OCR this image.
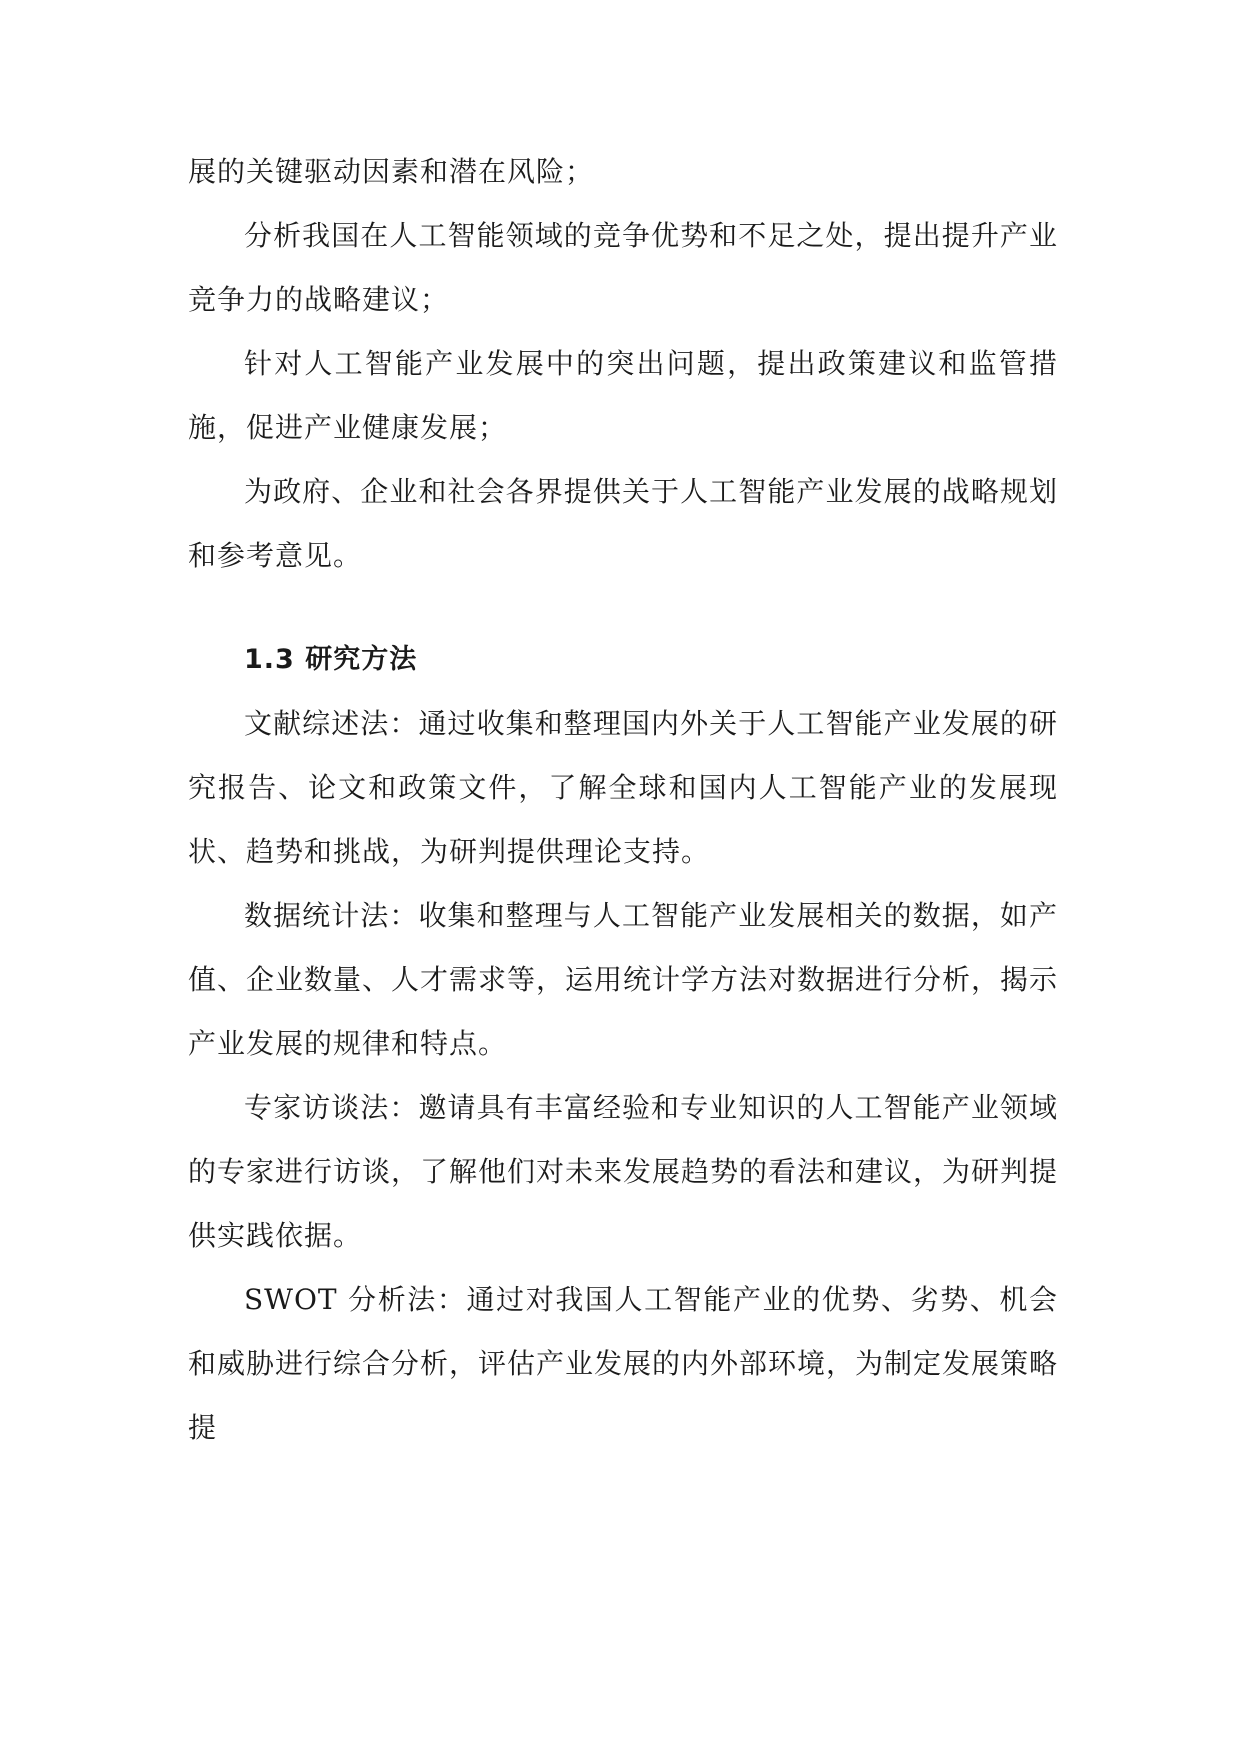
展的关键驱动因素和潜在风险；

分析我国在人工智能领域的竞争优势和不足之处，提出提升产业竞争力的战略建议；

针对人工智能产业发展中的突出问题，提出政策建议和监管措施，促进产业健康发展；

为政府、企业和社会各界提供关于人工智能产业发展的战略规划和参考意见。

1.3 研究方法

文献综述法：通过收集和整理国内外关于人工智能产业发展的研究报告、论文和政策文件，了解全球和国内人工智能产业的发展现状、趋势和挑战，为研判提供理论支持。

数据统计法：收集和整理与人工智能产业发展相关的数据，如产值、企业数量、人才需求等，运用统计学方法对数据进行分析，揭示产业发展的规律和特点。

专家访谈法：邀请具有丰富经验和专业知识的人工智能产业领域的专家进行访谈，了解他们对未来发展趋势的看法和建议，为研判提供实践依据。

SWOT 分析法：通过对我国人工智能产业的优势、劣势、机会和威胁进行综合分析，评估产业发展的内外部环境，为制定发展策略提
